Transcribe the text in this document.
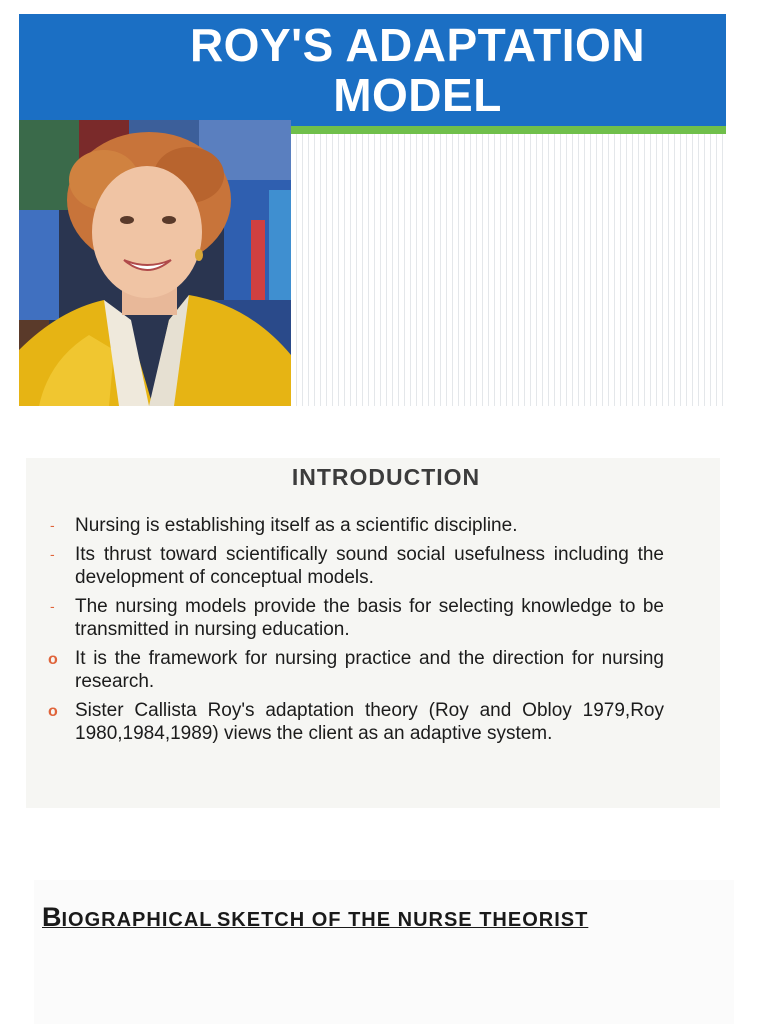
ROY'S ADAPTATION
MODEL
INTRODUCTION
- Nursing is establishing itself as a scientific discipline.
- Its thrust toward scientifically sound social usefulness including the development of conceptual models.
- The nursing models provide the basis for selecting knowledge to be transmitted in nursing education.
o It is the framework for nursing practice and the direction for nursing research.
o Sister Callista Roy's adaptation theory (Roy and Obloy 1979,Roy 1980,1984,1989) views the client as an adaptive system.
BIOGRAPHICAL SKETCH OF THE NURSE THEORIST
